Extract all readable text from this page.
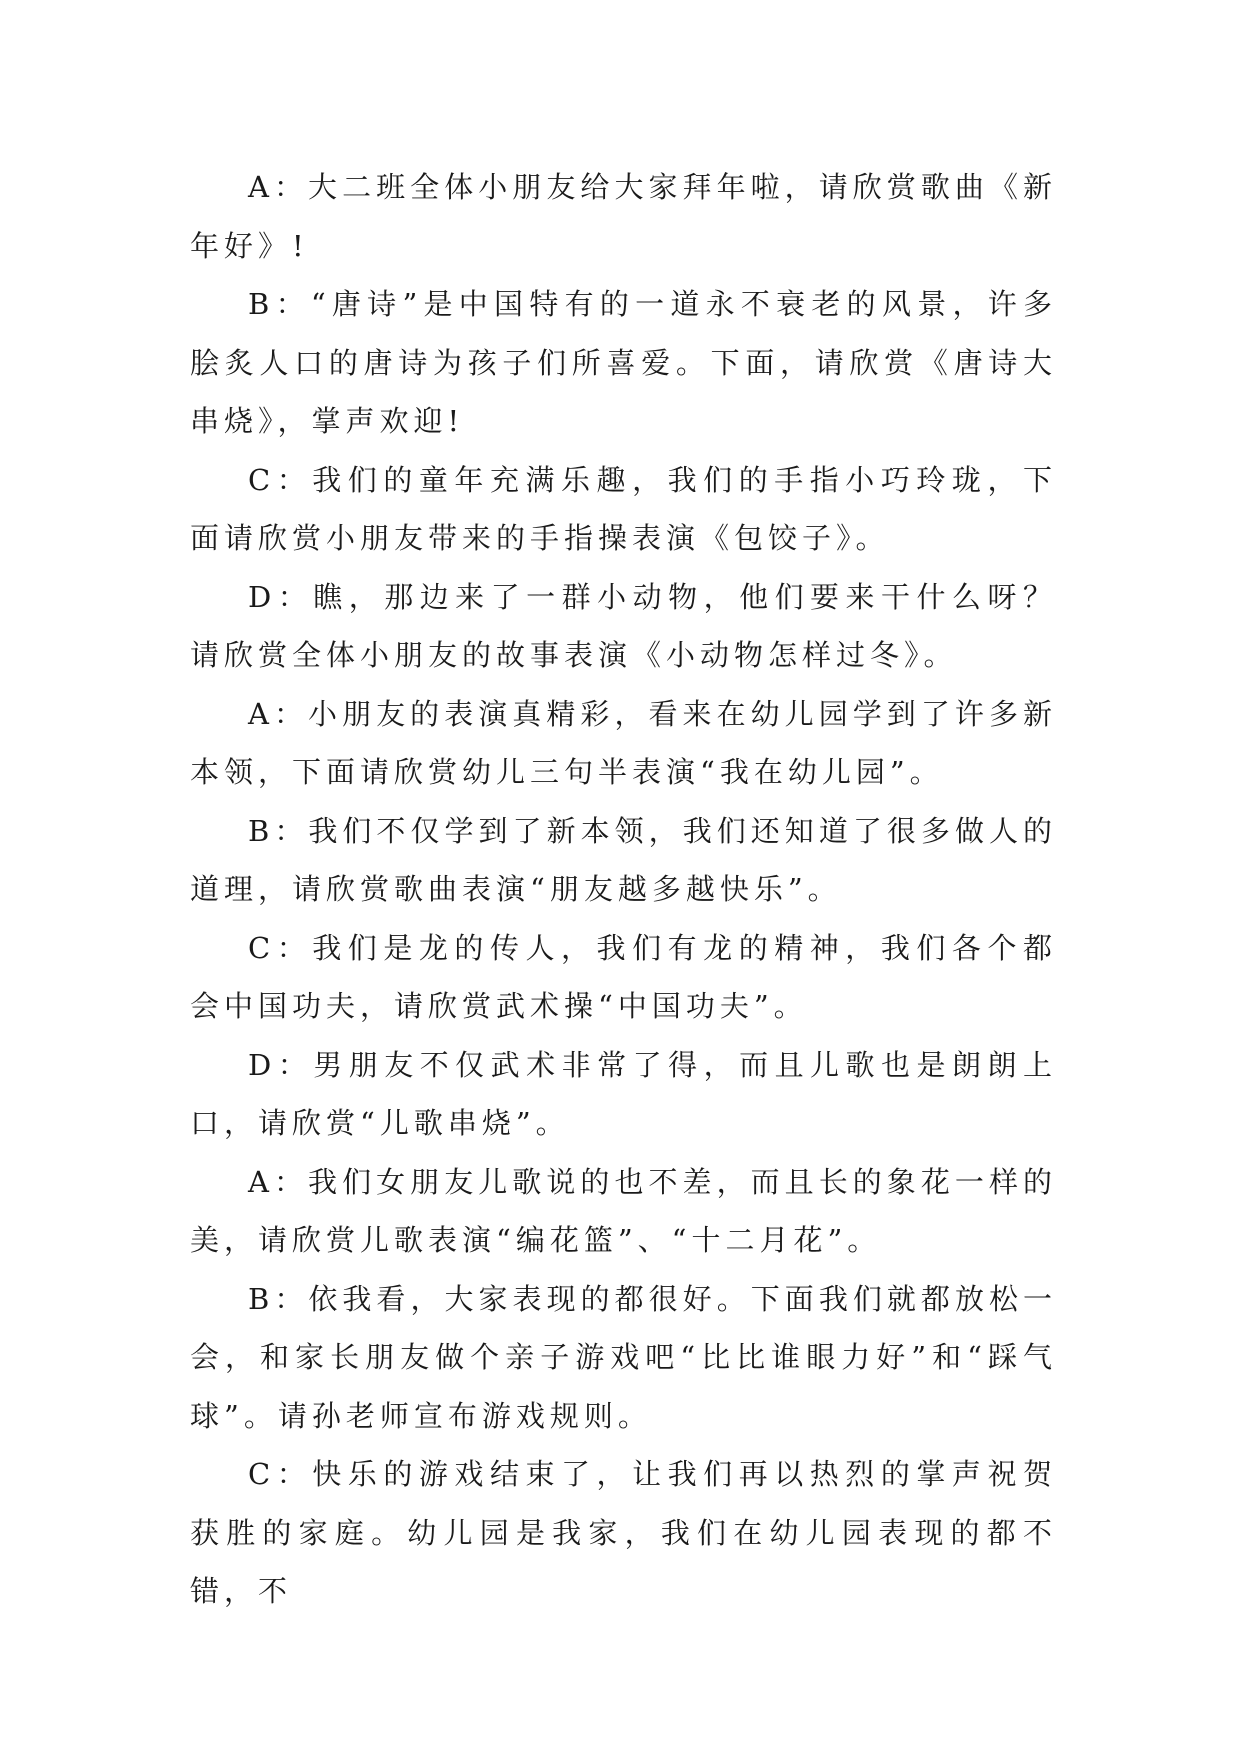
A：大二班全体小朋友给大家拜年啦，请欣赏歌曲《新年好》!

B：“唐诗”是中国特有的一道永不衰老的风景，许多脍炙人口的唐诗为孩子们所喜爱。下面，请欣赏《唐诗大串烧》，掌声欢迎!

C：我们的童年充满乐趣，我们的手指小巧玲珑，下面请欣赏小朋友带来的手指操表演《包饺子》。

D：瞧，那边来了一群小动物，他们要来干什么呀？请欣赏全体小朋友的故事表演《小动物怎样过冬》。

A：小朋友的表演真精彩，看来在幼儿园学到了许多新本领，下面请欣赏幼儿三句半表演“我在幼儿园”。

B：我们不仅学到了新本领，我们还知道了很多做人的道理，请欣赏歌曲表演“朋友越多越快乐”。

C：我们是龙的传人，我们有龙的精神，我们各个都会中国功夫，请欣赏武术操“中国功夫”。

D：男朋友不仅武术非常了得，而且儿歌也是朗朗上口，请欣赏“儿歌串烧”。

A：我们女朋友儿歌说的也不差，而且长的象花一样的美，请欣赏儿歌表演“编花篮”、“十二月花”。

B：依我看，大家表现的都很好。下面我们就都放松一会，和家长朋友做个亲子游戏吧“比比谁眼力好”和“踩气球”。请孙老师宣布游戏规则。

C：快乐的游戏结束了，让我们再以热烈的掌声祝贺获胜的家庭。幼儿园是我家，我们在幼儿园表现的都不错，不
